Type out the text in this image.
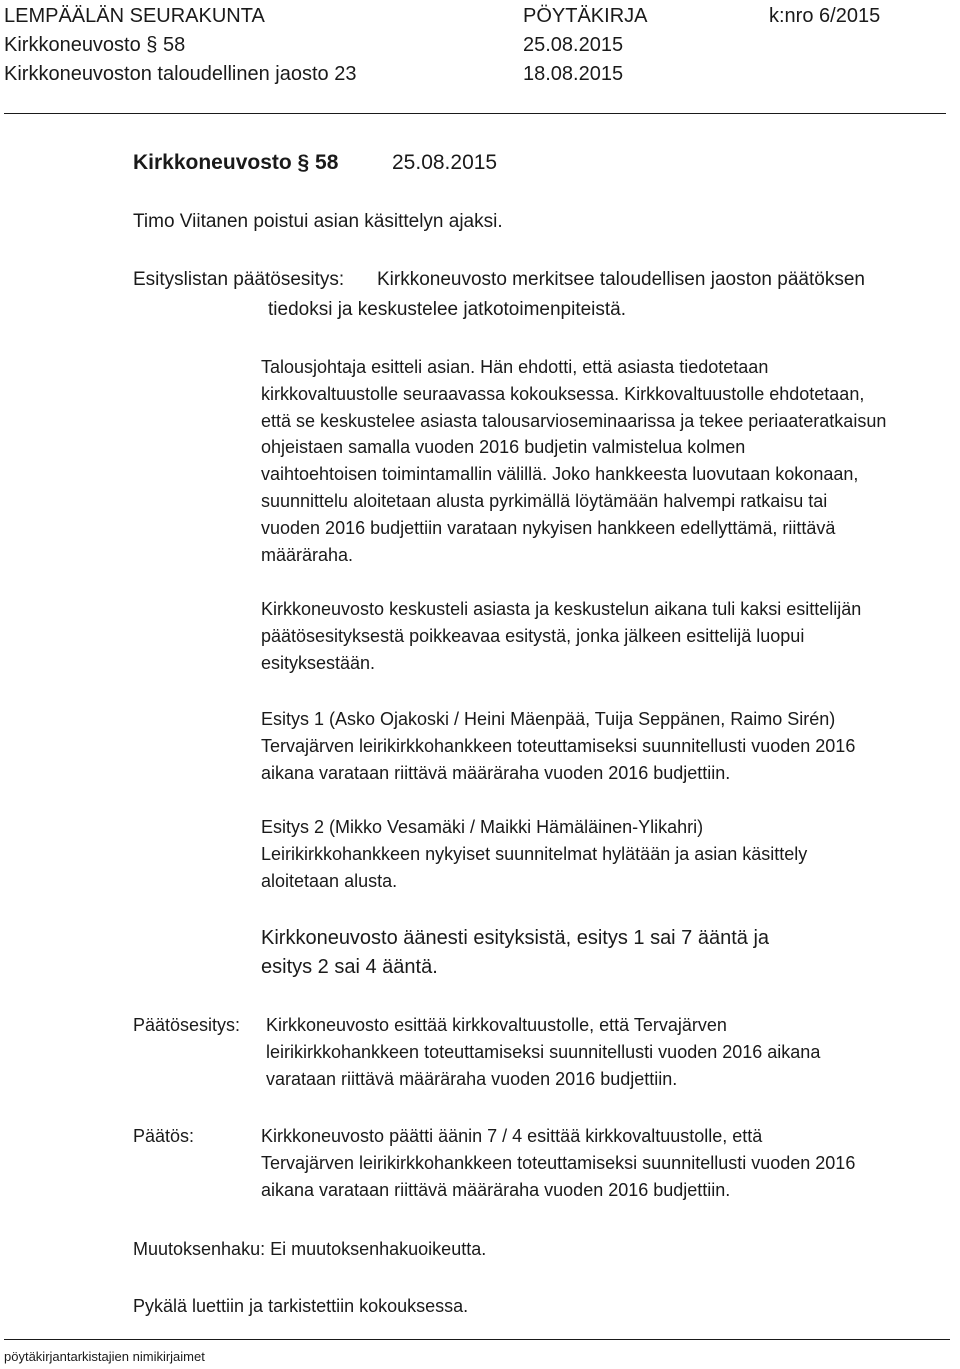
LEMPÄÄLÄN SEURAKUNTA	PÖYTÄKIRJA	k:nro 6/2015
Kirkkoneuvosto § 58	25.08.2015
Kirkkoneuvoston taloudellinen jaosto 23	18.08.2015
Kirkkoneuvosto § 58	25.08.2015
Timo Viitanen poistui asian käsittelyn ajaksi.
Esityslistan päätösesitys: Kirkkoneuvosto merkitsee taloudellisen jaoston päätöksen
tiedoksi ja keskustelee jatkotoimenpiteistä.
Talousjohtaja esitteli asian. Hän ehdotti, että asiasta tiedotetaan
kirkkovaltuustolle seuraavassa kokouksessa. Kirkkovaltuustolle ehdotetaan,
että se keskustelee asiasta talousarvioseminaarissa ja tekee periaateratkaisun
ohjeistaen samalla vuoden 2016 budjetin valmistelua kolmen
vaihtoehtoisen toimintamallin välillä. Joko hankkeesta luovutaan kokonaan,
suunnittelu aloitetaan alusta pyrkimällä löytämään halvempi ratkaisu tai
vuoden 2016 budjettiin varataan nykyisen hankkeen edellyttämä, riittävä
määräraha.
Kirkkoneuvosto keskusteli asiasta ja keskustelun aikana tuli kaksi esittelijän
päätösesityksestä poikkeavaa esitystä, jonka jälkeen esittelijä luopui
esityksestään.
Esitys 1 (Asko Ojakoski / Heini Mäenpää, Tuija Seppänen, Raimo Sirén)
Tervajärven leirikirkkohankkeen toteuttamiseksi suunnitellusti vuoden 2016
aikana varataan riittävä määräraha vuoden 2016 budjettiin.
Esitys 2 (Mikko Vesamäki / Maikki Hämäläinen-Ylikahri)
Leirikirkkohankkeen nykyiset suunnitelmat hylätään ja asian käsittely
aloitetaan alusta.
Kirkkoneuvosto äänesti esityksistä, esitys 1 sai 7 ääntä ja
esitys 2 sai 4 ääntä.
Päätösesitys: Kirkkoneuvosto esittää kirkkovaltuustolle, että Tervajärven
leirikirkkohankkeen toteuttamiseksi suunnitellusti vuoden 2016 aikana
varataan riittävä määräraha vuoden 2016 budjettiin.
Päätös:	Kirkkoneuvosto päätti äänin 7 / 4 esittää kirkkovaltuustolle, että
Tervajärven leirikirkkohankkeen toteuttamiseksi suunnitellusti vuoden 2016
aikana varataan riittävä määräraha vuoden 2016 budjettiin.
Muutoksenhaku: Ei muutoksenhakuoikeutta.
Pykälä luettiin ja tarkistettiin kokouksessa.
pöytäkirjantarkistajien nimikirjaimet
